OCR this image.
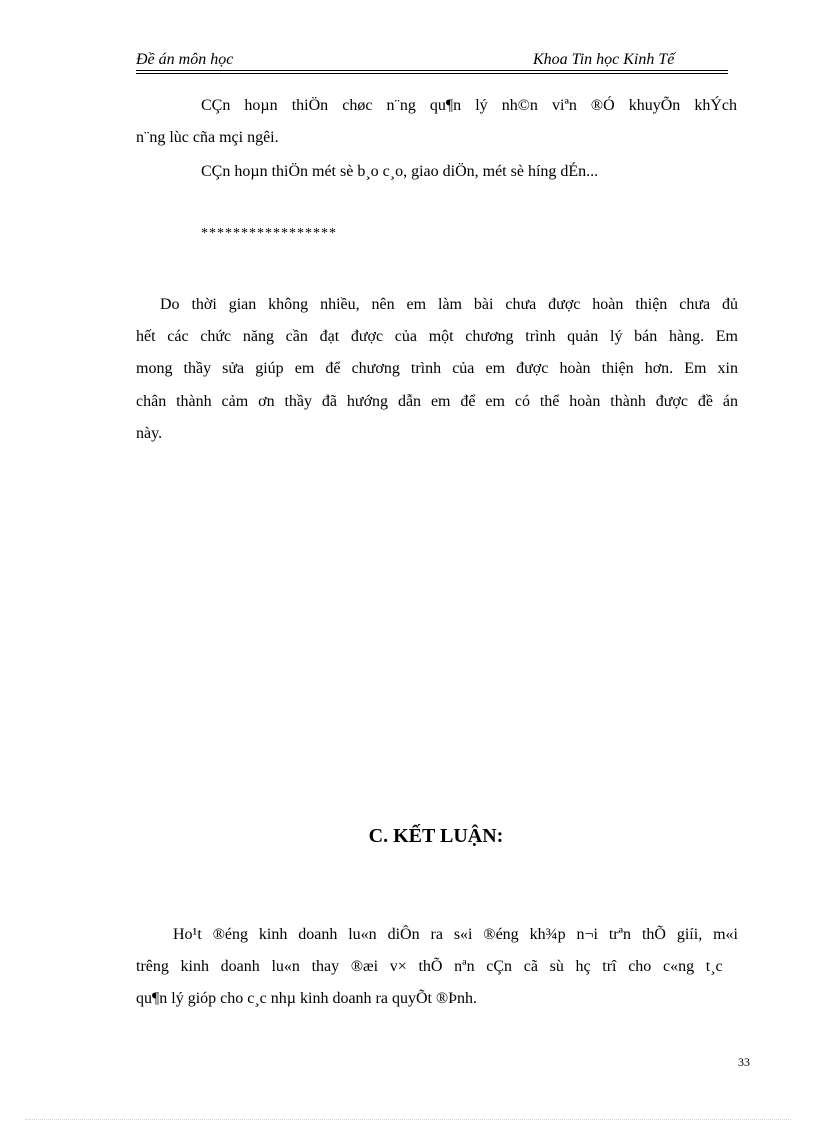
Đề án môn học	Khoa Tin học Kinh Tế
CÇn hoµn thiÖn chøc n¨ng qu¶n lý nh©n viªn ®Ó khuyÕn khÝch
n¨ng lùc cña mçi ngêi.
CÇn hoµn thiÖn mét sè b¸o c¸o, giao diÖn, mét sè híng dÉn...
*****************
Do thời gian không nhiều, nên em làm bài chưa được hoàn thiện chưa đủ
hết các chức năng cần đạt được của một chương trình quản lý bán hàng. Em
mong thầy sửa giúp em để chương trình của em được hoàn thiện hơn. Em xin
chân thành cảm ơn thầy đã hướng dẫn em để em có thể hoàn thành được đề án
này.
C. KẾT LUẬN:
Ho¹t ®éng kinh doanh lu«n diÔn ra s«i ®éng kh¾p n¬i trªn thÕ giíi, m«i
trêng kinh doanh lu«n thay ®æi v× thÕ nªn cÇn cã sù hç trî cho c«ng t¸c
qu¶n lý gióp cho c¸c nhµ kinh doanh ra quyÕt ®Þnh.
33
